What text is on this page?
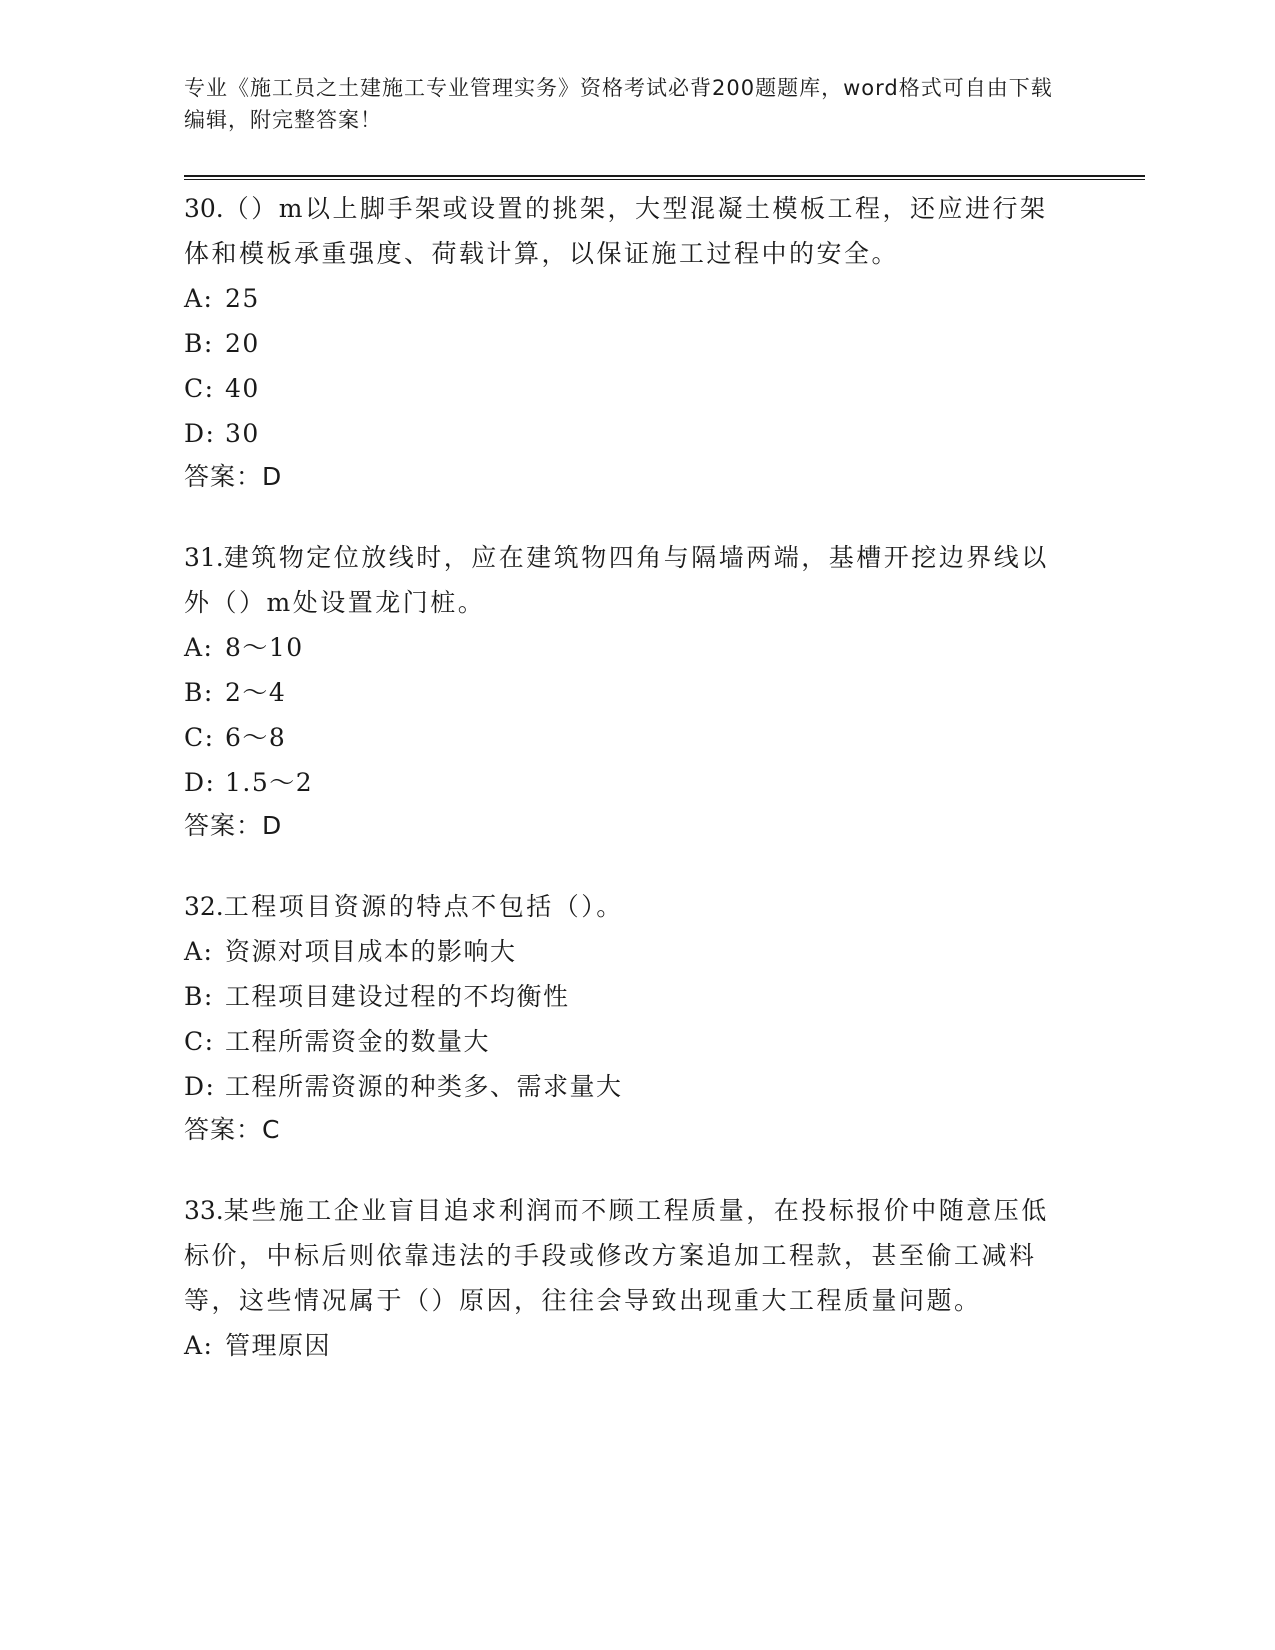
专业《施工员之土建施工专业管理实务》资格考试必背200题题库，word格式可自由下载编辑，附完整答案！

30.（）m以上脚手架或设置的挑架，大型混凝土模板工程，还应进行架体和模板承重强度、荷载计算，以保证施工过程中的安全。

A: 25

B: 20

C: 40

D: 30

答案：D

31.建筑物定位放线时，应在建筑物四角与隔墙两端，基槽开挖边界线以外（）m处设置龙门桩。

A: 8～10

B: 2～4

C: 6～8

D: 1.5～2

答案：D

32.工程项目资源的特点不包括（）。

A: 资源对项目成本的影响大

B: 工程项目建设过程的不均衡性

C: 工程所需资金的数量大

D: 工程所需资源的种类多、需求量大

答案：C

33.某些施工企业盲目追求利润而不顾工程质量，在投标报价中随意压低标价，中标后则依靠违法的手段或修改方案追加工程款，甚至偷工减料等，这些情况属于（）原因，往往会导致出现重大工程质量问题。

A: 管理原因
